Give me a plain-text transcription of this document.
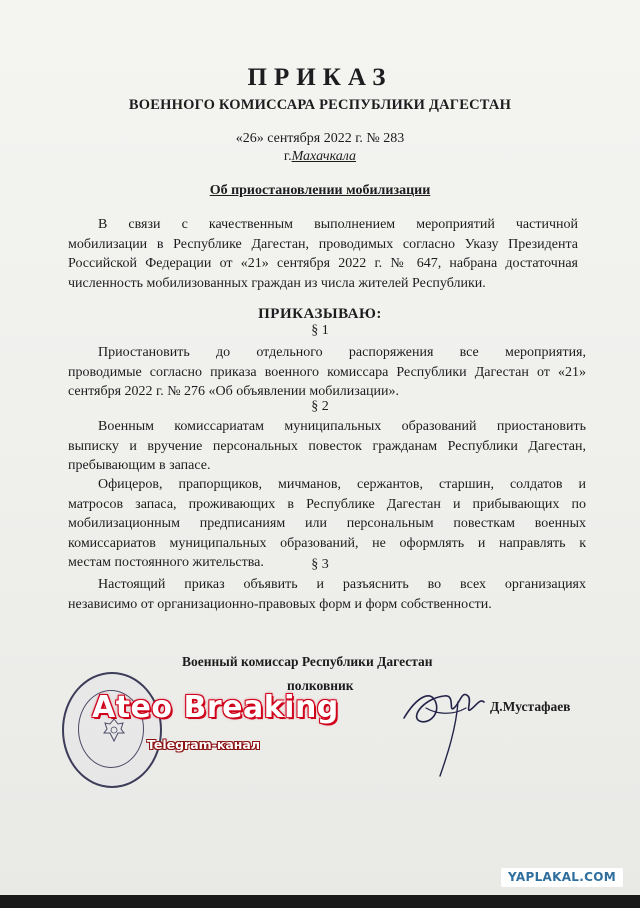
ПРИКАЗ
ВОЕННОГО КОМИССАРА РЕСПУБЛИКИ ДАГЕСТАН
«26» сентября 2022 г. № 283
г.Махачкала
Об приостановлении мобилизации
В связи с качественным выполнением мероприятий частичной
мобилизации в Республике Дагестан, проводимых согласно Указу Президента
Российской Федерации от «21» сентября 2022 г. № 647, набрана достаточная
численность мобилизованных граждан из числа жителей Республики.
ПРИКАЗЫВАЮ:
§ 1
Приостановить до отдельного распоряжения все мероприятия,
проводимые согласно приказа военного комиссара Республики Дагестан от «21»
сентября 2022 г. № 276 «Об объявлении мобилизации».
§ 2
Военным комиссариатам муниципальных образований приостановить
выписку и вручение персональных повесток гражданам Республики Дагестан,
пребывающим в запасе.
Офицеров, прапорщиков, мичманов, сержантов, старшин, солдатов и
матросов запаса, проживающих в Республике Дагестан и прибывающих по
мобилизационным предписаниям или персональным повесткам военных
комиссариатов муниципальных образований, не оформлять и направлять к
местам постоянного жительства.	§ 3
Настоящий приказ объявить и разъяснить во всех организациях
независимо от организационно-правовых форм и форм собственности.
Военный комиссар Республики Дагестан
полковник
Д.Мустафаев
Ateo Breaking
Telegram-канал
YAPLAKAL.COM
